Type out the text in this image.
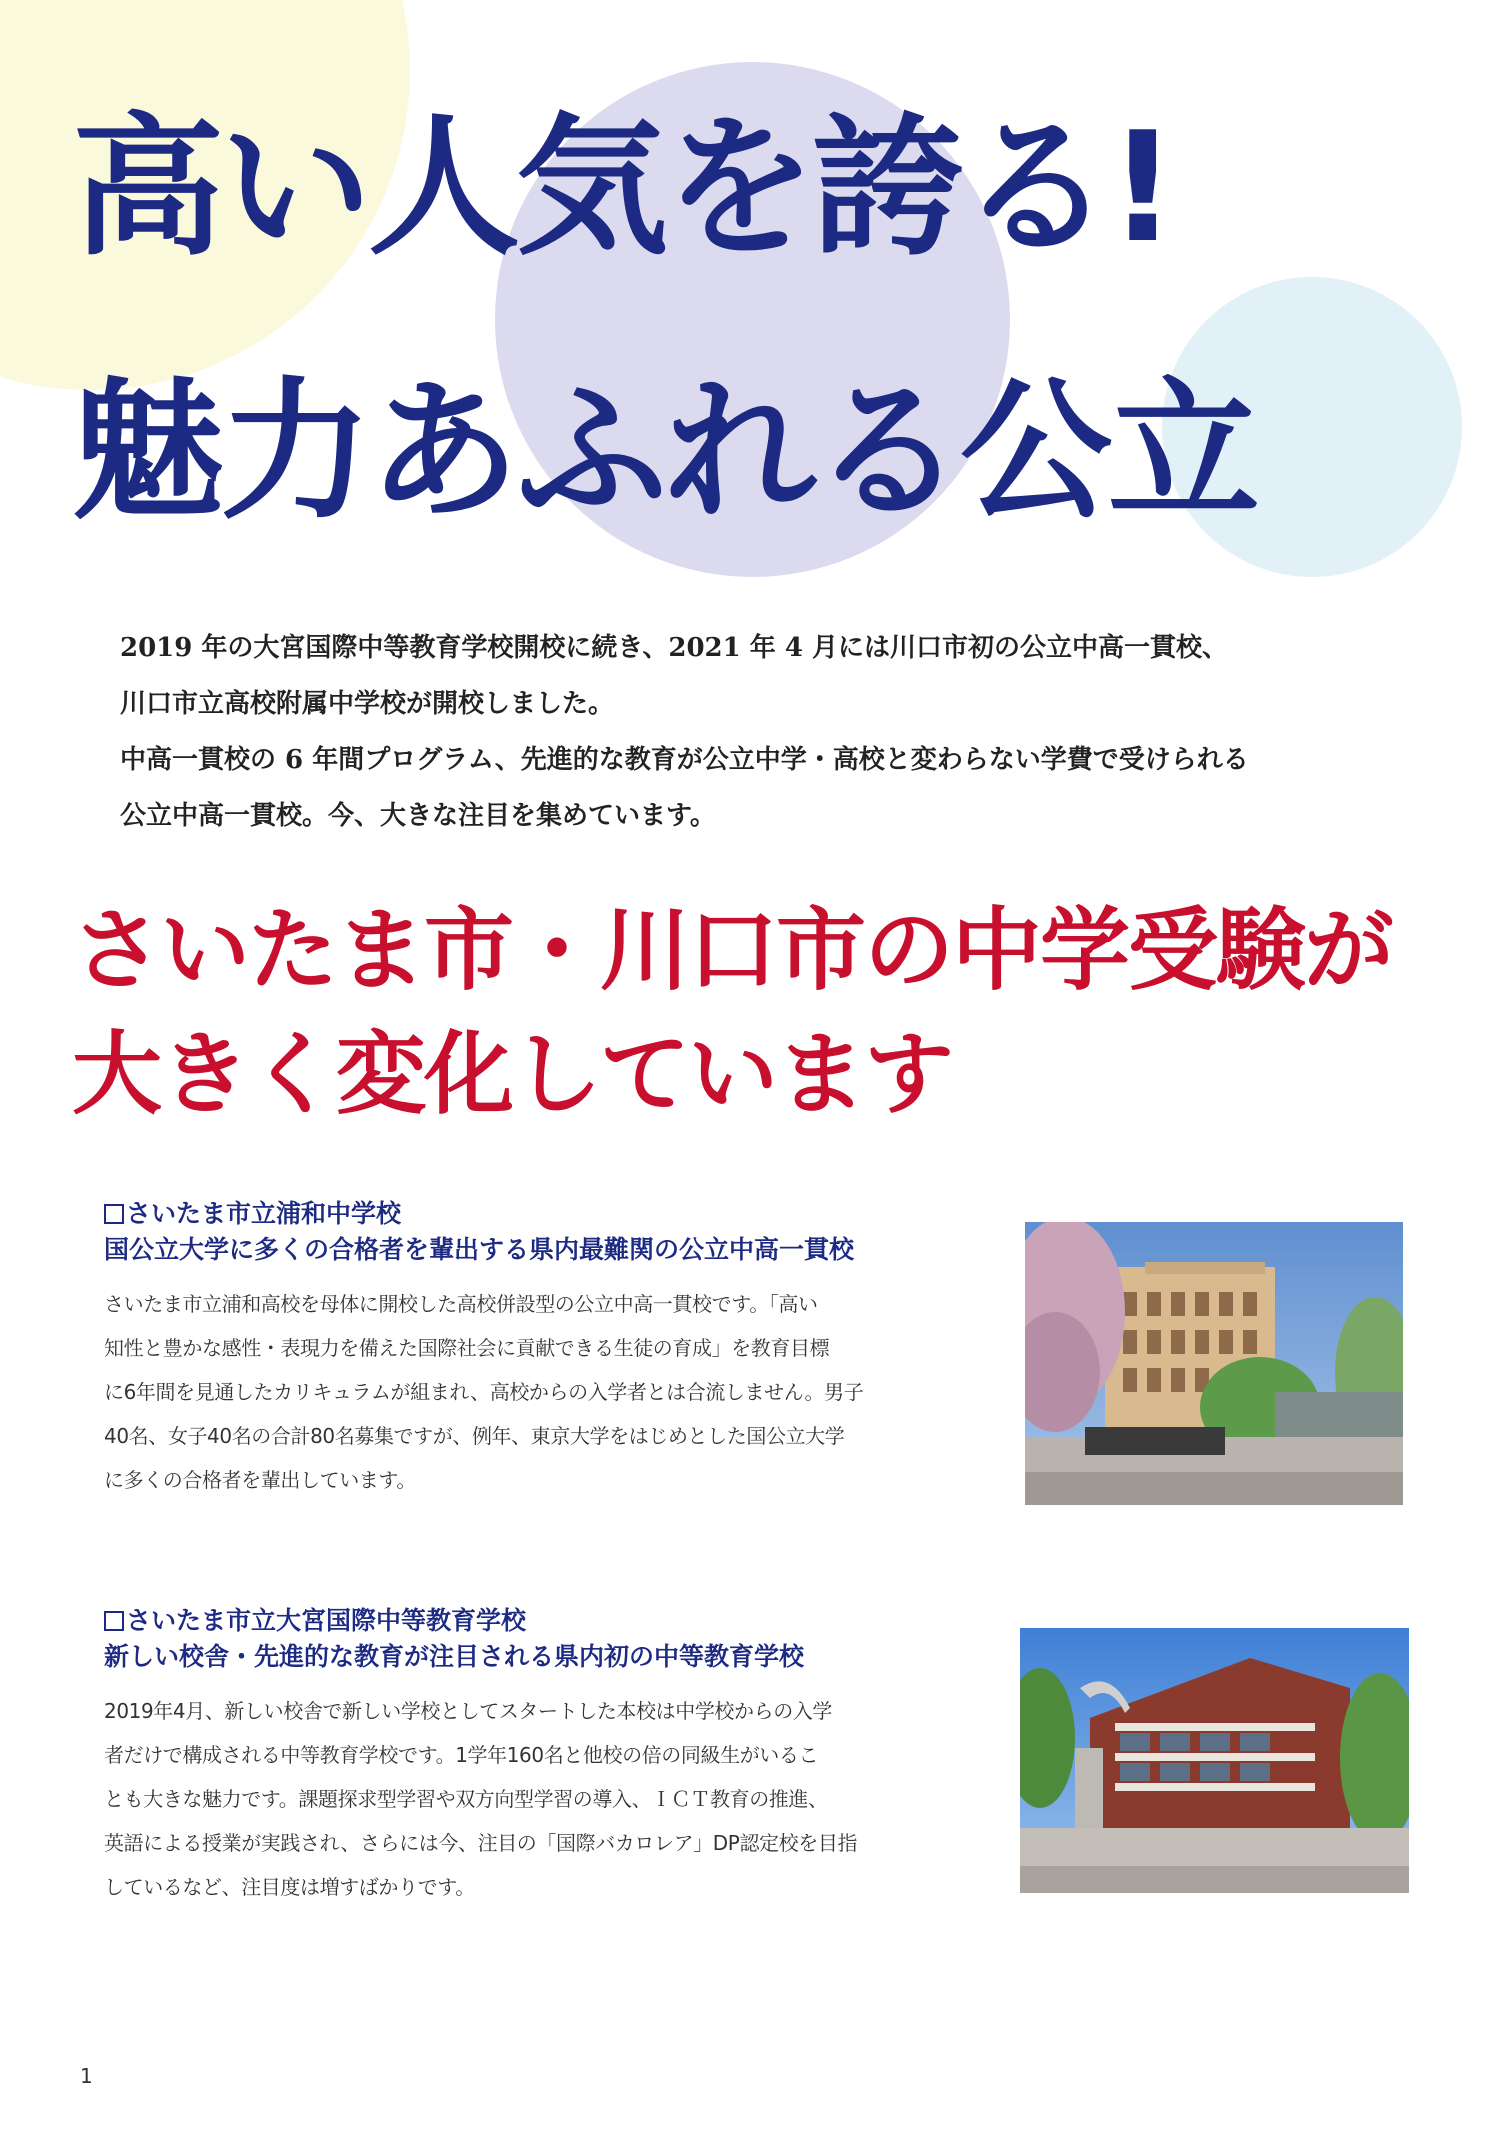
高い人気を誇る!
魅力あふれる公立

2019 年の大宮国際中等教育学校開校に続き、2021 年 4 月には川口市初の公立中高一貫校、

川口市立高校附属中学校が開校しました。

中高一貫校の 6 年間プログラム、先進的な教育が公立中学・高校と変わらない学費で受けられる

公立中高一貫校。今、大きな注目を集めています。

さいたま市・川口市の中学受験が
大きく変化しています
さいたま市立浦和中学校
国公立大学に多くの合格者を輩出する県内最難関の公立中高一貫校

さいたま市立浦和高校を母体に開校した高校併設型の公立中高一貫校です。「高い

知性と豊かな感性・表現力を備えた国際社会に貢献できる生徒の育成」を教育目標

に6年間を見通したカリキュラムが組まれ、高校からの入学者とは合流しません。男子

40名、女子40名の合計80名募集ですが、例年、東京大学をはじめとした国公立大学

に多くの合格者を輩出しています。

さいたま市立大宮国際中等教育学校
新しい校舎・先進的な教育が注目される県内初の中等教育学校

2019年4月、新しい校舎で新しい学校としてスタートした本校は中学校からの入学

者だけで構成される中等教育学校です。1学年160名と他校の倍の同級生がいるこ

とも大きな魅力です。課題探求型学習や双方向型学習の導入、ＩＣＴ教育の推進、

英語による授業が実践され、さらには今、注目の「国際バカロレア」DP認定校を目指

しているなど、注目度は増すばかりです。

1
